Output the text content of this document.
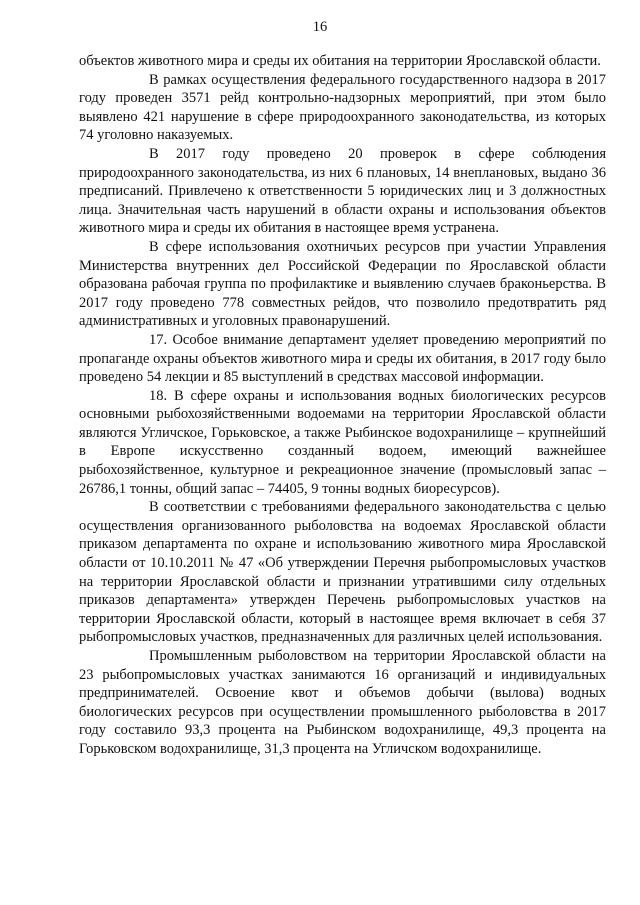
16

объектов животного мира и среды их обитания на территории Ярославской области.

В рамках осуществления федерального государственного надзора в 2017 году проведен 3571 рейд контрольно-надзорных мероприятий, при этом было выявлено 421 нарушение в сфере природоохранного законодательства, из которых 74 уголовно наказуемых.

В 2017 году проведено 20 проверок в сфере соблюдения природоохранного законодательства, из них 6 плановых, 14 внеплановых, выдано 36 предписаний. Привлечено к ответственности 5 юридических лиц и 3 должностных лица. Значительная часть нарушений в области охраны и использования объектов животного мира и среды их обитания в настоящее время устранена.

В сфере использования охотничьих ресурсов при участии Управления Министерства внутренних дел Российской Федерации по Ярославской области образована рабочая группа по профилактике и выявлению случаев браконьерства. В 2017 году проведено 778 совместных рейдов, что позволило предотвратить ряд административных и уголовных правонарушений.

17. Особое внимание департамент уделяет проведению мероприятий по пропаганде охраны объектов животного мира и среды их обитания, в 2017 году было проведено 54 лекции и 85 выступлений в средствах массовой информации.

18. В сфере охраны и использования водных биологических ресурсов основными рыбохозяйственными водоемами на территории Ярославской области являются Угличское, Горьковское, а также Рыбинское водохранилище – крупнейший в Европе искусственно созданный водоем, имеющий важнейшее рыбохозяйственное, культурное и рекреационное значение (промысловый запас – 26786,1 тонны, общий запас – 74405, 9 тонны водных биоресурсов).

В соответствии с требованиями федерального законодательства с целью осуществления организованного рыболовства на водоемах Ярославской области приказом департамента по охране и использованию животного мира Ярославской области от 10.10.2011 № 47 «Об утверждении Перечня рыбопромысловых участков на территории Ярославской области и признании утратившими силу отдельных приказов департамента» утвержден Перечень рыбопромысловых участков на территории Ярославской области, который в настоящее время включает в себя 37 рыбопромысловых участков, предназначенных для различных целей использования.

Промышленным рыболовством на территории Ярославской области на 23 рыбопромысловых участках занимаются 16 организаций и индивидуальных предпринимателей. Освоение квот и объемов добычи (вылова) водных биологических ресурсов при осуществлении промышленного рыболовства в 2017 году составило 93,3 процента на Рыбинском водохранилище, 49,3 процента на Горьковском водохранилище, 31,3 процента на Угличском водохранилище.
